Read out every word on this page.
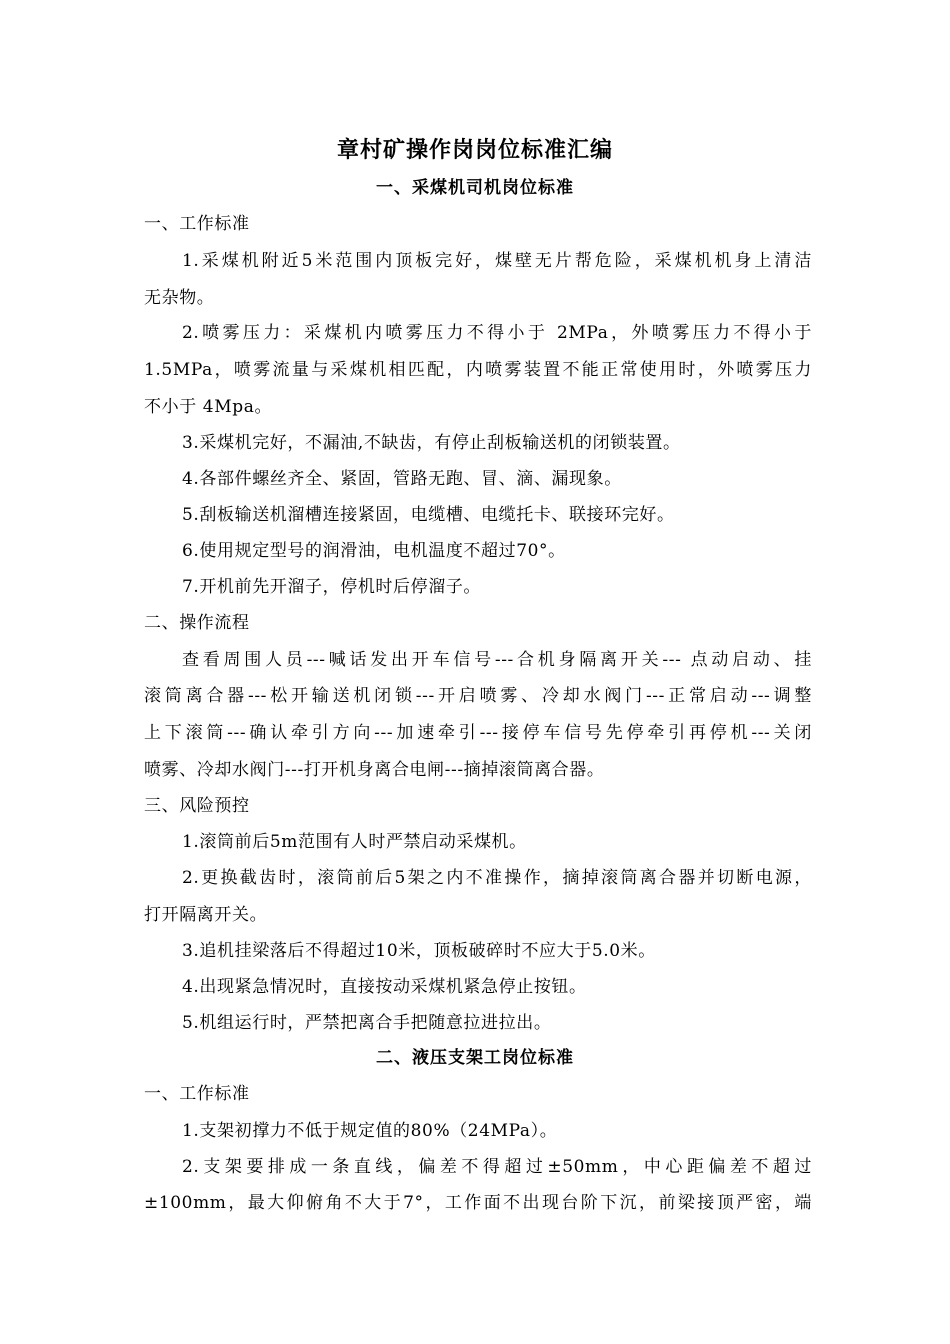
章村矿操作岗岗位标准汇编
一、采煤机司机岗位标准
一、工作标准
1.采煤机附近5米范围内顶板完好，煤壁无片帮危险，采煤机机身上清洁
无杂物。
2.喷雾压力：采煤机内喷雾压力不得小于 2MPa，外喷雾压力不得小于
1.5MPa，喷雾流量与采煤机相匹配，内喷雾装置不能正常使用时，外喷雾压力
不小于 4Mpa。
3.采煤机完好，不漏油,不缺齿，有停止刮板输送机的闭锁装置。
4.各部件螺丝齐全、紧固，管路无跑、冒、滴、漏现象。
5.刮板输送机溜槽连接紧固，电缆槽、电缆托卡、联接环完好。
6.使用规定型号的润滑油，电机温度不超过70°。
7.开机前先开溜子，停机时后停溜子。
二、操作流程
查看周围人员---喊话发出开车信号---合机身隔离开关--- 点动启动、挂
滚筒离合器---松开输送机闭锁---开启喷雾、冷却水阀门---正常启动---调整
上下滚筒---确认牵引方向---加速牵引---接停车信号先停牵引再停机---关闭
喷雾、冷却水阀门---打开机身离合电闸---摘掉滚筒离合器。
三、风险预控
1.滚筒前后5m范围有人时严禁启动采煤机。
2.更换截齿时，滚筒前后5架之内不准操作，摘掉滚筒离合器并切断电源，
打开隔离开关。
3.追机挂梁落后不得超过10米，顶板破碎时不应大于5.0米。
4.出现紧急情况时，直接按动采煤机紧急停止按钮。
5.机组运行时，严禁把离合手把随意拉进拉出。
二、液压支架工岗位标准
一、工作标准
1.支架初撑力不低于规定值的80%（24MPa）。
2.支架要排成一条直线，偏差不得超过±50mm，中心距偏差不超过
±100mm，最大仰俯角不大于7°，工作面不出现台阶下沉，前梁接顶严密，端
